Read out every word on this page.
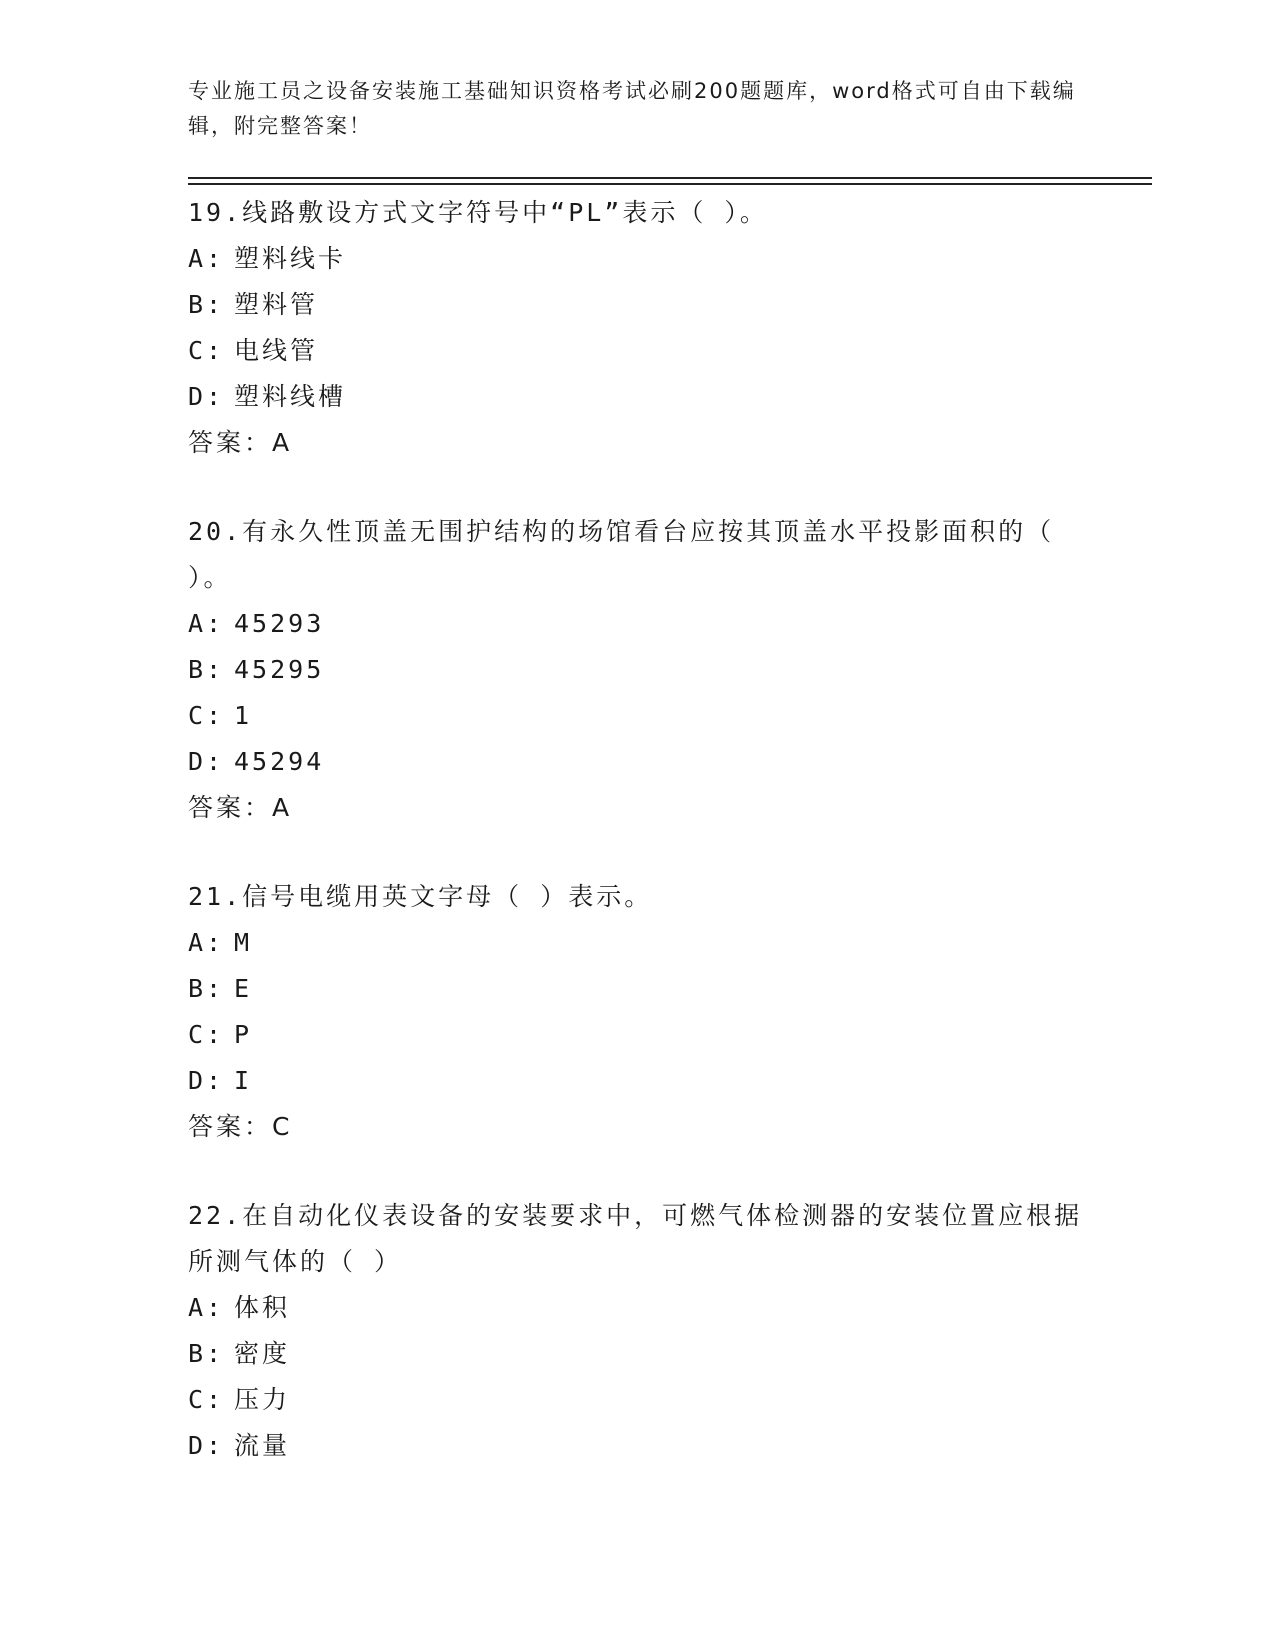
专业施工员之设备安装施工基础知识资格考试必刷200题题库，word格式可自由下载编辑，附完整答案！
19.线路敷设方式文字符号中“PL”表示（ ）。
A: 塑料线卡
B: 塑料管
C: 电线管
D: 塑料线槽
答案：A
20.有永久性顶盖无围护结构的场馆看台应按其顶盖水平投影面积的（ ）。
A: 45293
B: 45295
C: 1
D: 45294
答案：A
21.信号电缆用英文字母（ ）表示。
A: M
B: E
C: P
D: I
答案：C
22.在自动化仪表设备的安装要求中，可燃气体检测器的安装位置应根据所测气体的（ ）
A: 体积
B: 密度
C: 压力
D: 流量
